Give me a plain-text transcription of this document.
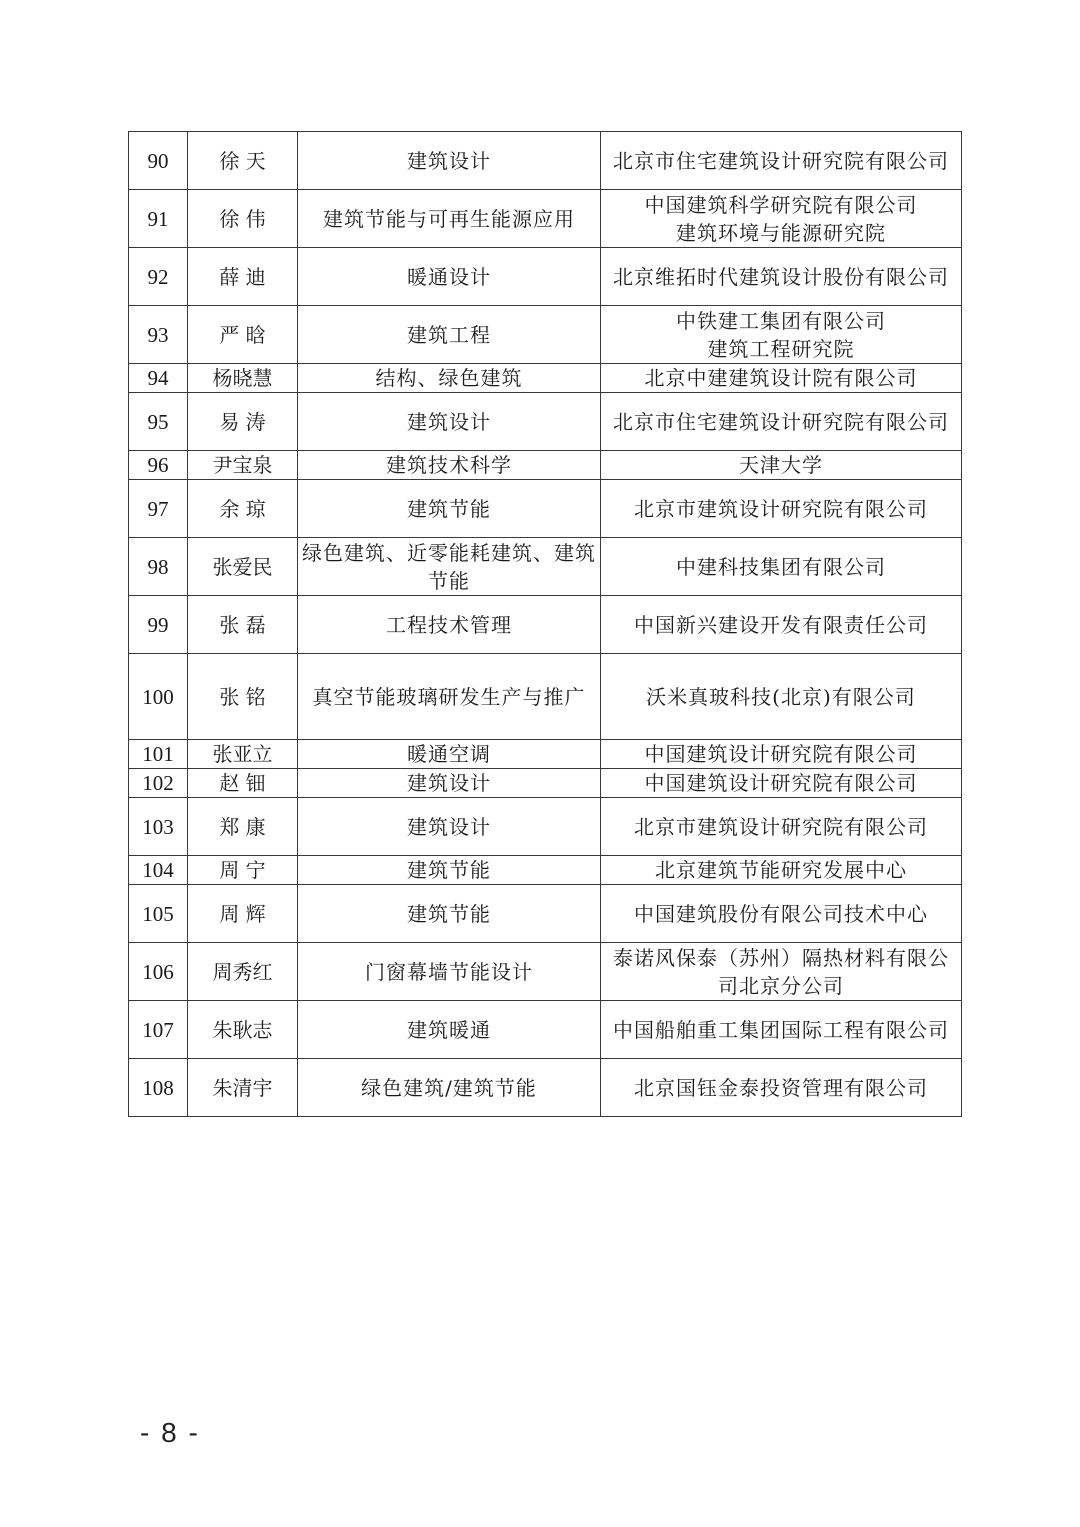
90	徐 天	建筑设计	北京市住宅建筑设计研究院有限公司
91	徐 伟	建筑节能与可再生能源应用	中国建筑科学研究院有限公司
建筑环境与能源研究院
92	薛 迪	暖通设计	北京维拓时代建筑设计股份有限公司
93	严 晗	建筑工程	中铁建工集团有限公司
建筑工程研究院
94	杨晓慧	结构、绿色建筑	北京中建建筑设计院有限公司
95	易 涛	建筑设计	北京市住宅建筑设计研究院有限公司
96	尹宝泉	建筑技术科学	天津大学
97	余 琼	建筑节能	北京市建筑设计研究院有限公司
98	张爱民	绿色建筑、近零能耗建筑、建筑节能	中建科技集团有限公司
99	张 磊	工程技术管理	中国新兴建设开发有限责任公司
100	张 铭	真空节能玻璃研发生产与推广	沃米真玻科技(北京)有限公司
101	张亚立	暖通空调	中国建筑设计研究院有限公司
102	赵 钿	建筑设计	中国建筑设计研究院有限公司
103	郑 康	建筑设计	北京市建筑设计研究院有限公司
104	周 宁	建筑节能	北京建筑节能研究发展中心
105	周 辉	建筑节能	中国建筑股份有限公司技术中心
106	周秀红	门窗幕墙节能设计	泰诺风保泰（苏州）隔热材料有限公司北京分公司
107	朱耿志	建筑暖通	中国船舶重工集团国际工程有限公司
108	朱清宇	绿色建筑/建筑节能	北京国钰金泰投资管理有限公司
- 8 -
